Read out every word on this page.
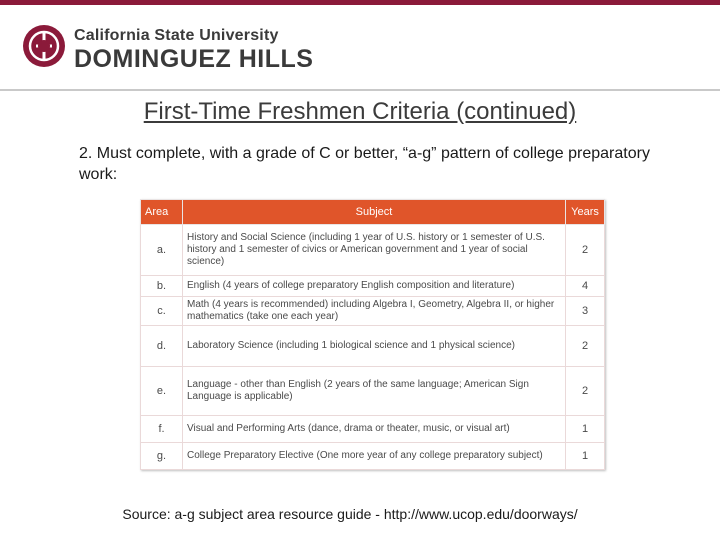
California State University
DOMINGUEZ HILLS
First-Time Freshmen Criteria (continued)
2. Must complete, with a grade of C or better, “a-g” pattern of college preparatory work:
Area	Subject	Years
a.	History and Social Science (including 1 year of U.S. history or 1 semester of U.S. history and 1 semester of civics or American government and 1 year of social science)	2
b.	English (4 years of college preparatory English composition and literature)	4
c.	Math (4 years is recommended) including Algebra I, Geometry, Algebra II, or higher mathematics (take one each year)	3
d.	Laboratory Science (including 1 biological science and 1 physical science)	2
e.	Language - other than English (2 years of the same language; American Sign Language is applicable)	2
f.	Visual and Performing Arts (dance, drama or theater, music, or visual art)	1
g.	College Preparatory Elective (One more year of any college preparatory subject)	1
Source: a-g subject area resource guide - http://www.ucop.edu/doorways/
